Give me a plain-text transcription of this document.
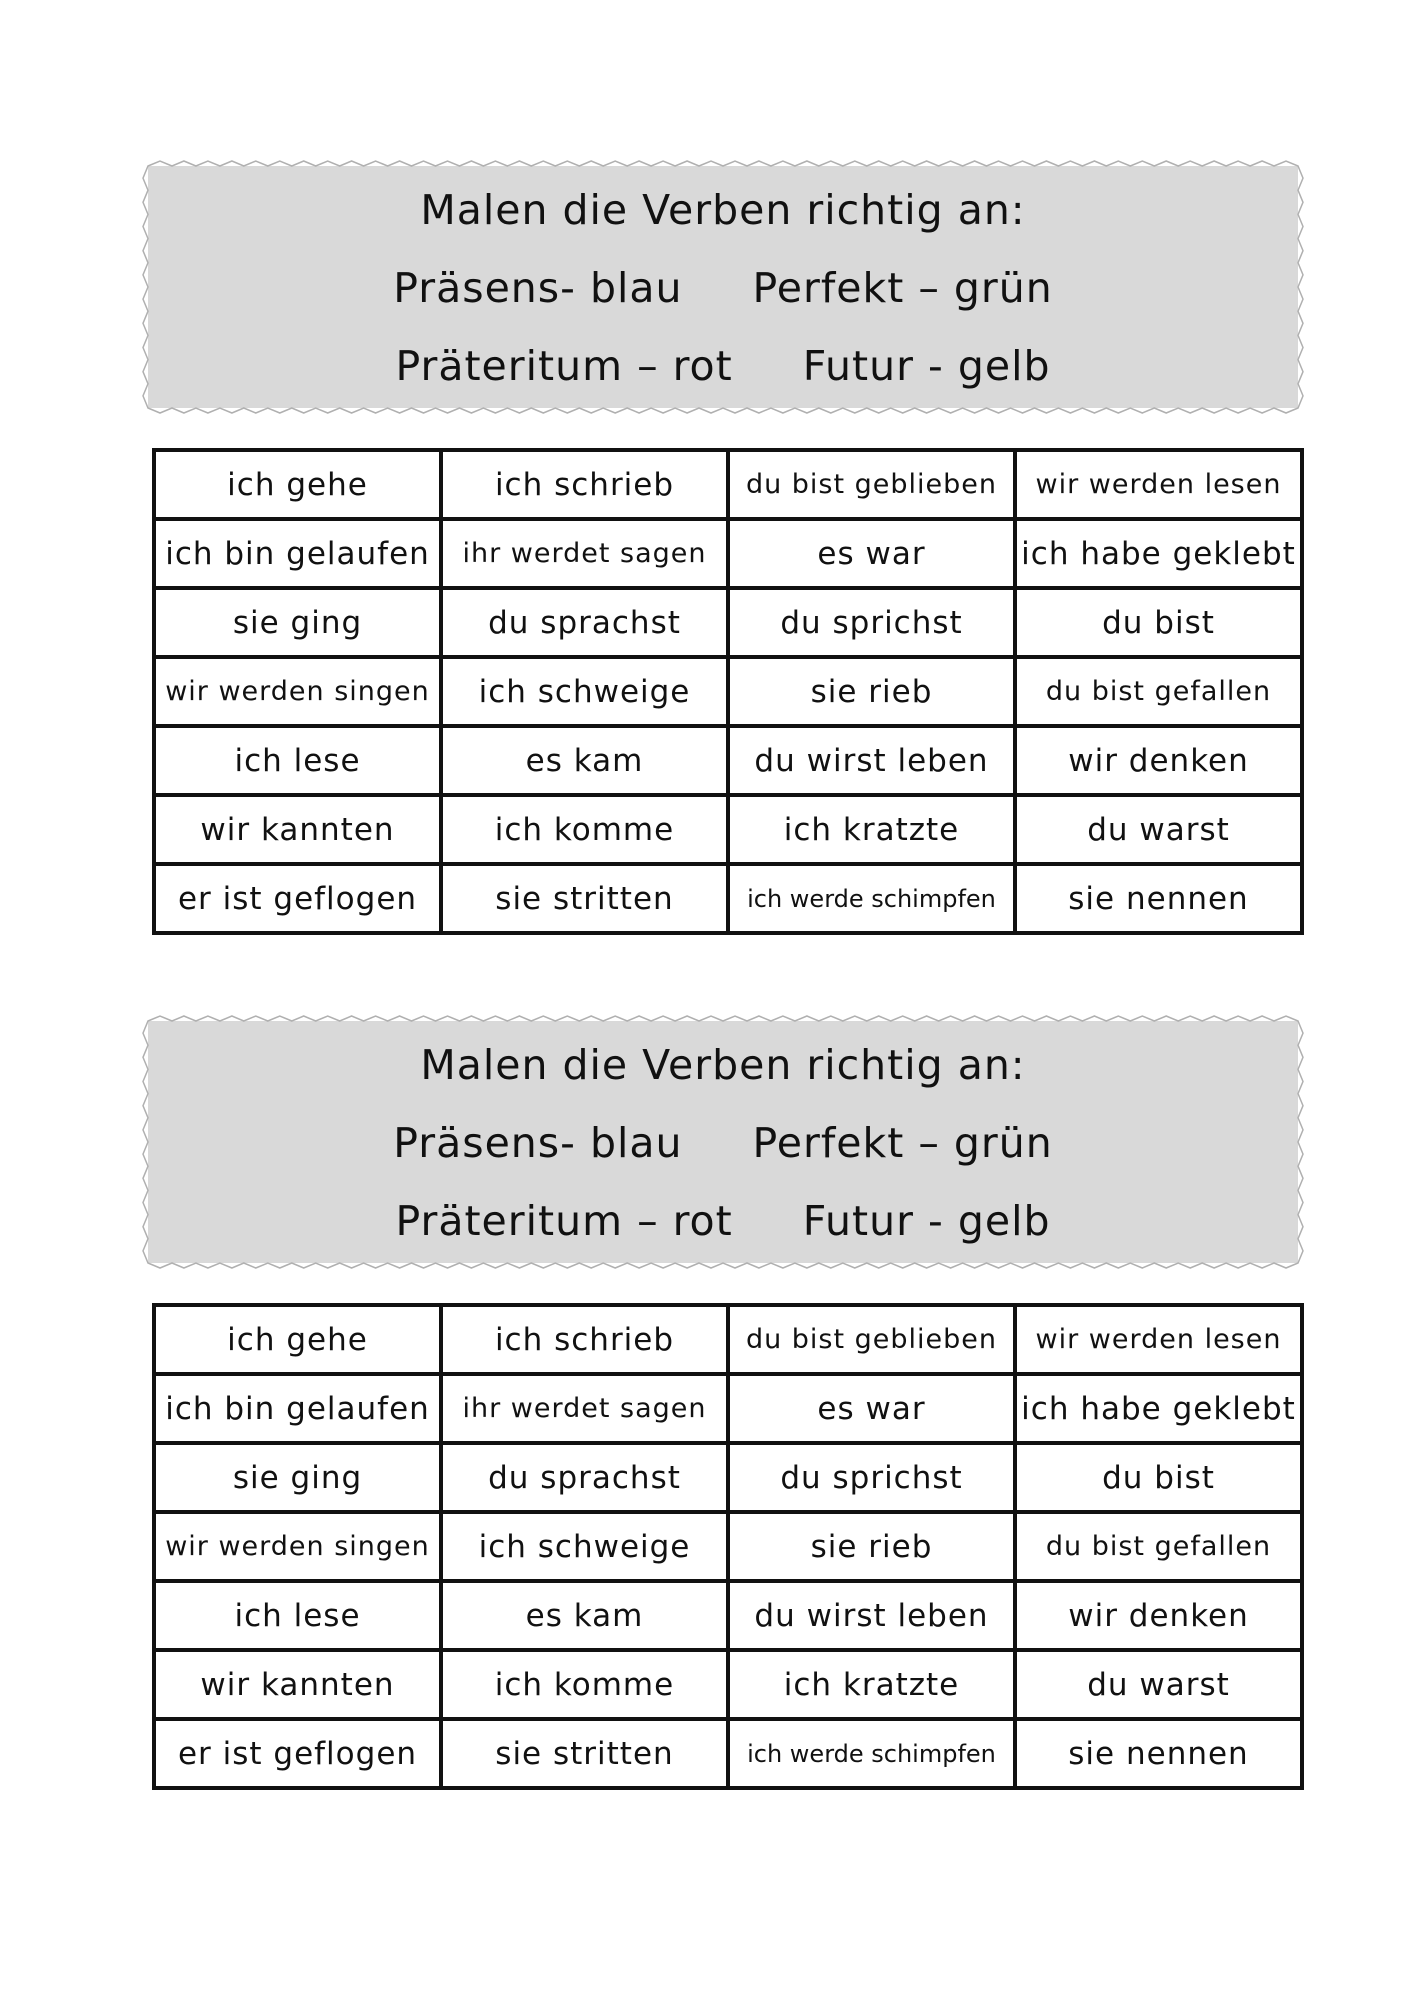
Malen die Verben richtig an:
Präsens- blau Perfekt – grün
Präteritum – rot Futur - gelb
ich gehe	ich schrieb	du bist geblieben	wir werden lesen
ich bin gelaufen	ihr werdet sagen	es war	ich habe geklebt
sie ging	du sprachst	du sprichst	du bist
wir werden singen	ich schweige	sie rieb	du bist gefallen
ich lese	es kam	du wirst leben	wir denken
wir kannten	ich komme	ich kratzte	du warst
er ist geflogen	sie stritten	ich werde schimpfen	sie nennen
Malen die Verben richtig an:
Präsens- blau Perfekt – grün
Präteritum – rot Futur - gelb
ich gehe	ich schrieb	du bist geblieben	wir werden lesen
ich bin gelaufen	ihr werdet sagen	es war	ich habe geklebt
sie ging	du sprachst	du sprichst	du bist
wir werden singen	ich schweige	sie rieb	du bist gefallen
ich lese	es kam	du wirst leben	wir denken
wir kannten	ich komme	ich kratzte	du warst
er ist geflogen	sie stritten	ich werde schimpfen	sie nennen
